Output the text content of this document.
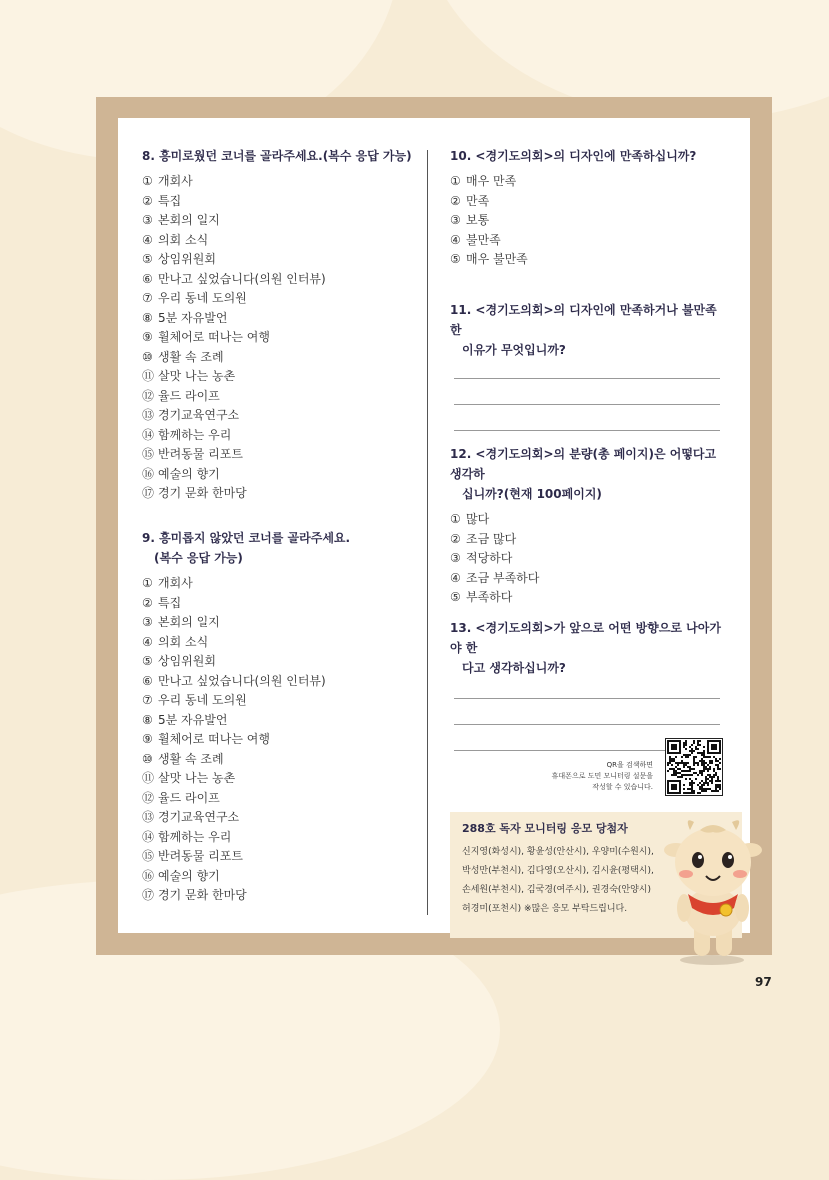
8. 흥미로웠던 코너를 골라주세요.(복수 응답 가능)

① 개회사
② 특집
③ 본회의 일지
④ 의회 소식
⑤ 상임위원회
⑥ 만나고 싶었습니다(의원 인터뷰)
⑦ 우리 동네 도의원
⑧ 5분 자유발언
⑨ 휠체어로 떠나는 여행
⑩ 생활 속 조례
⑪ 살맛 나는 농촌
⑫ 율드 라이프
⑬ 경기교육연구소
⑭ 함께하는 우리
⑮ 반려동물 리포트
⑯ 예술의 향기
⑰ 경기 문화 한마당

9. 흥미롭지 않았던 코너를 골라주세요.
(복수 응답 가능)

① 개회사
② 특집
③ 본회의 일지
④ 의회 소식
⑤ 상임위원회
⑥ 만나고 싶었습니다(의원 인터뷰)
⑦ 우리 동네 도의원
⑧ 5분 자유발언
⑨ 휠체어로 떠나는 여행
⑩ 생활 속 조례
⑪ 살맛 나는 농촌
⑫ 율드 라이프
⑬ 경기교육연구소
⑭ 함께하는 우리
⑮ 반려동물 리포트
⑯ 예술의 향기
⑰ 경기 문화 한마당

10. <경기도의회>의 디자인에 만족하십니까?

① 매우 만족
② 만족
③ 보통
④ 불만족
⑤ 매우 불만족

11. <경기도의회>의 디자인에 만족하거나 불만족한
이유가 무엇입니까?

12. <경기도의회>의 분량(총 페이지)은 어떻다고 생각하
십니까?(현재 100페이지)

① 많다
② 조금 많다
③ 적당하다
④ 조금 부족하다
⑤ 부족하다

13. <경기도의회>가 앞으로 어떤 방향으로 나아가야 한
다고 생각하십니까?

QR을 검색하면
휴대폰으로 도민 모니터링 설문을
작성할 수 있습니다.
288호 독자 모니터링 응모 당첨자
신지영(화성시), 황윤성(안산시), 우양미(수원시),
박성만(부천시), 김다영(오산시), 김시윤(평택시),
손세원(부천시), 김국경(여주시), 권경숙(안양시)
허경미(포천시) ※많은 응모 부탁드립니다.
97
